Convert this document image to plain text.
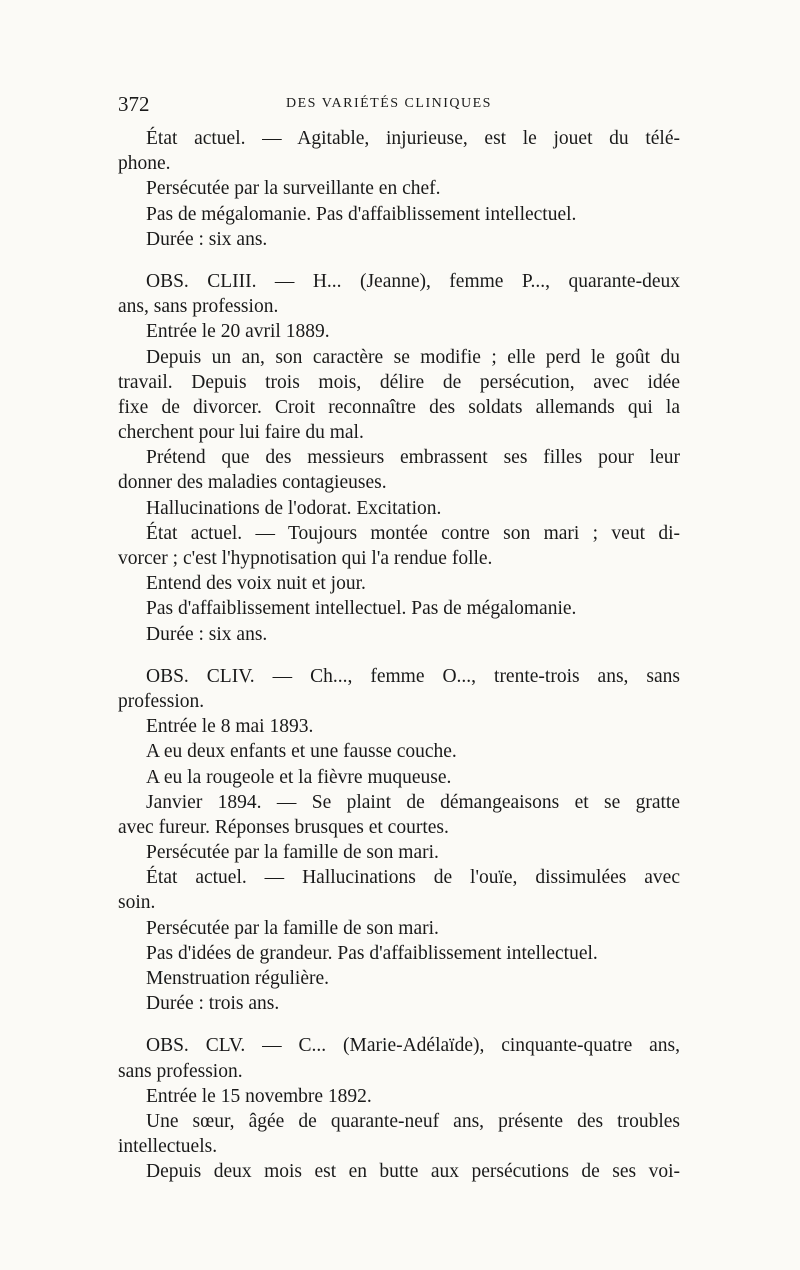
372	DES VARIÉTÉS CLINIQUES
État actuel. — Agitable, injurieuse, est le jouet du télé-
phone.
Persécutée par la surveillante en chef.
Pas de mégalomanie. Pas d'affaiblissement intellectuel.
Durée : six ans.
OBS. CLIII. — H... (Jeanne), femme P..., quarante-deux
ans, sans profession.
Entrée le 20 avril 1889.
Depuis un an, son caractère se modifie ; elle perd le goût du
travail. Depuis trois mois, délire de persécution, avec idée
fixe de divorcer. Croit reconnaître des soldats allemands qui la
cherchent pour lui faire du mal.
Prétend que des messieurs embrassent ses filles pour leur
donner des maladies contagieuses.
Hallucinations de l'odorat. Excitation.
État actuel. — Toujours montée contre son mari ; veut di-
vorcer ; c'est l'hypnotisation qui l'a rendue folle.
Entend des voix nuit et jour.
Pas d'affaiblissement intellectuel. Pas de mégalomanie.
Durée : six ans.
OBS. CLIV. — Ch..., femme O..., trente-trois ans, sans
profession.
Entrée le 8 mai 1893.
A eu deux enfants et une fausse couche.
A eu la rougeole et la fièvre muqueuse.
Janvier 1894. — Se plaint de démangeaisons et se gratte
avec fureur. Réponses brusques et courtes.
Persécutée par la famille de son mari.
État actuel. — Hallucinations de l'ouïe, dissimulées avec
soin.
Persécutée par la famille de son mari.
Pas d'idées de grandeur. Pas d'affaiblissement intellectuel.
Menstruation régulière.
Durée : trois ans.
OBS. CLV. — C... (Marie-Adélaïde), cinquante-quatre ans,
sans profession.
Entrée le 15 novembre 1892.
Une sœur, âgée de quarante-neuf ans, présente des troubles
intellectuels.
Depuis deux mois est en butte aux persécutions de ses voi-
